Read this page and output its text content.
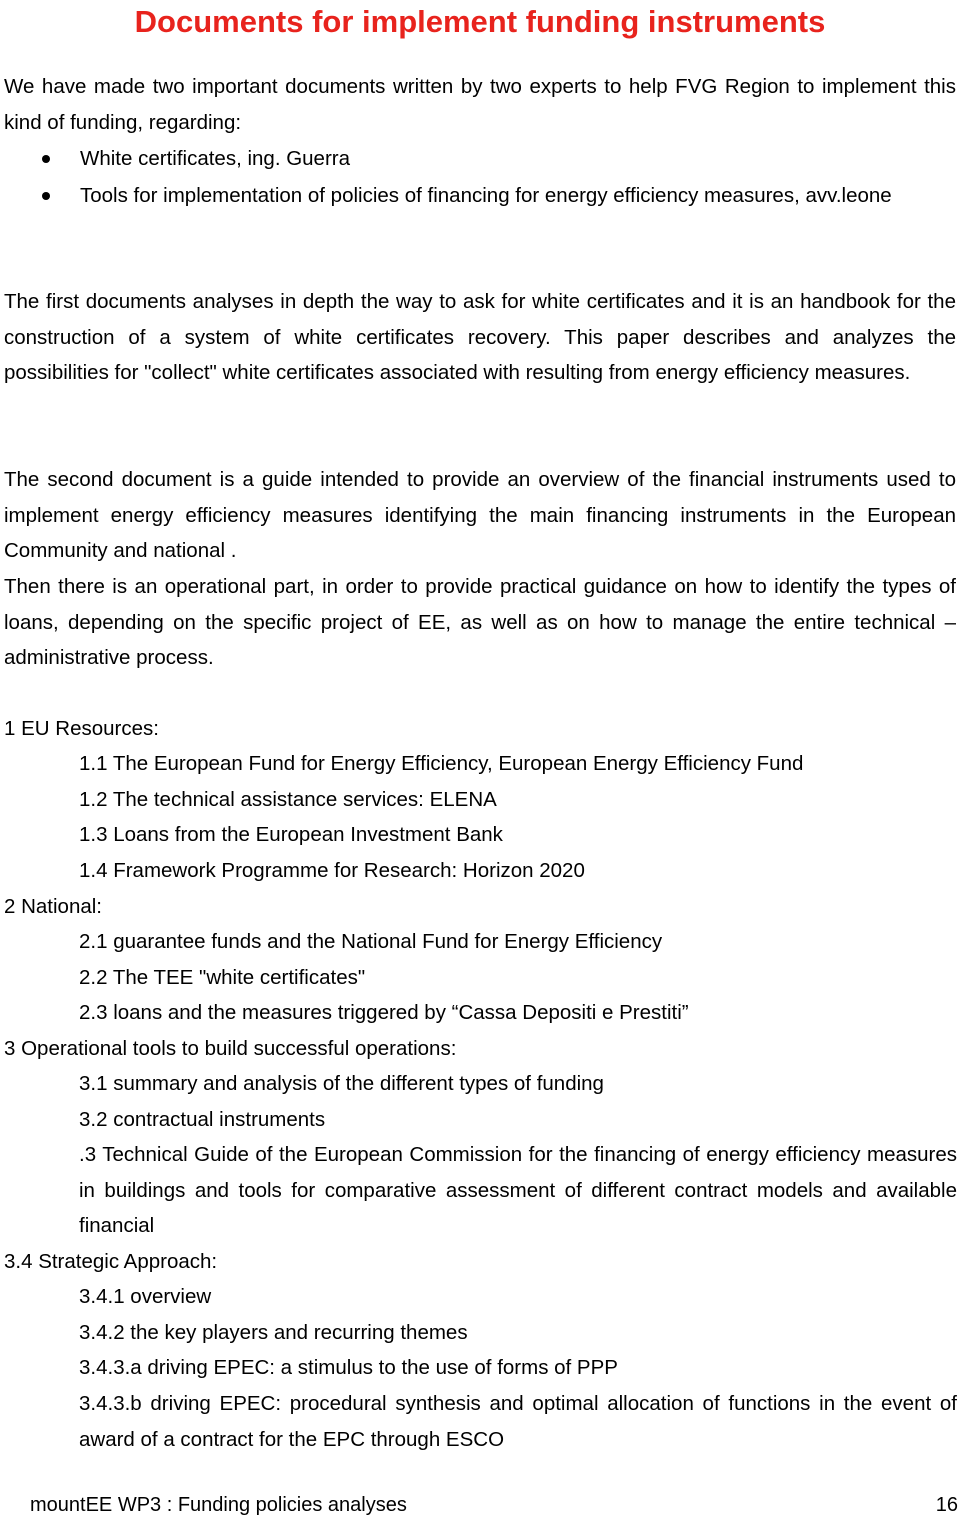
Documents for implement funding instruments

We have made two important documents written by two experts to help FVG Region to implement this kind of funding, regarding:

White certificates, ing. Guerra

Tools for implementation of policies of financing for energy efficiency measures, avv.leone

The first documents analyses in depth the way to ask for white certificates and it is an handbook for the construction of a system of white certificates recovery. This paper describes and analyzes the possibilities for "collect" white certificates associated with resulting from energy efficiency measures.

The second document is a guide intended to provide an overview of the financial instruments used to implement energy efficiency measures identifying the main financing instruments in the European Community and national .

Then there is an operational part, in order to provide practical guidance on how to identify the types of loans, depending on the specific project of EE, as well as on how to manage the entire technical – administrative process.

1 EU Resources:

1.1 The European Fund for Energy Efficiency, European Energy Efficiency Fund

1.2 The technical assistance services: ELENA

1.3 Loans from the European Investment Bank

1.4 Framework Programme for Research: Horizon 2020

2 National:

2.1 guarantee funds and the National Fund for Energy Efficiency

2.2 The TEE "white certificates"

2.3 loans and the measures triggered by “Cassa Depositi e Prestiti”

3 Operational tools to build successful operations:

3.1 summary and analysis of the different types of funding

3.2 contractual instruments

.3 Technical Guide of the European Commission for the financing of energy efficiency measures in buildings and tools for comparative assessment of different contract models and available financial

3.4 Strategic Approach:

3.4.1 overview

3.4.2 the key players and recurring themes

3.4.3.a driving EPEC: a stimulus to the use of forms of PPP

3.4.3.b driving EPEC: procedural synthesis and optimal allocation of functions in the event of award of a contract for the EPC through ESCO

mountEE WP3 : Funding policies analyses	16
